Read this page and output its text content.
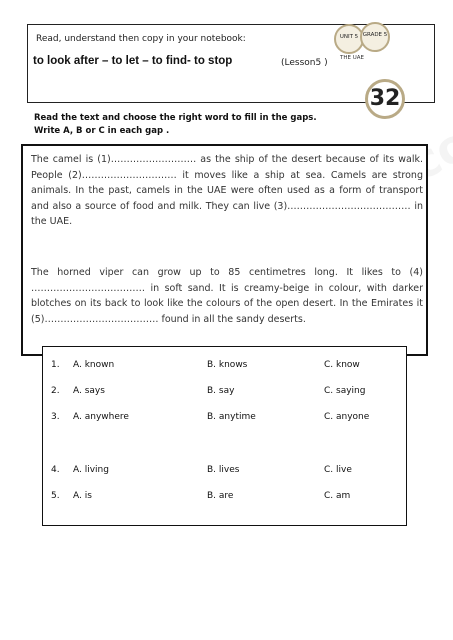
Read, understand then copy in your notebook:
to look after – to let – to find- to stop	(Lesson5 )
UNIT 5 GRADE 5
THE UAE
32
Read the text and choose the right word to fill in the gaps.
Write A, B or C in each gap .

The camel is (1)……………………… as the ship of the desert because of its walk. People (2)………………………… it moves like a ship at sea. Camels are strong animals. In the past, camels in the UAE were often used as a form of transport and also a source of food and milk. They can live (3)………………………………… in the UAE.

The horned viper can grow up to 85 centimetres long. It likes to (4) ……………………………… in soft sand. It is creamy-beige in colour, with darker blotches on its back to look like the colours of the open desert. In the Emirates it (5)……………………………… found in all the sandy deserts.

1. A. known	B. knows	C. know
2. A. says	B. say	C. saying
3. A. anywhere	B. anytime	C. anyone
4. A. living	B. lives	C. live
5. A. is	B. are	C. am
